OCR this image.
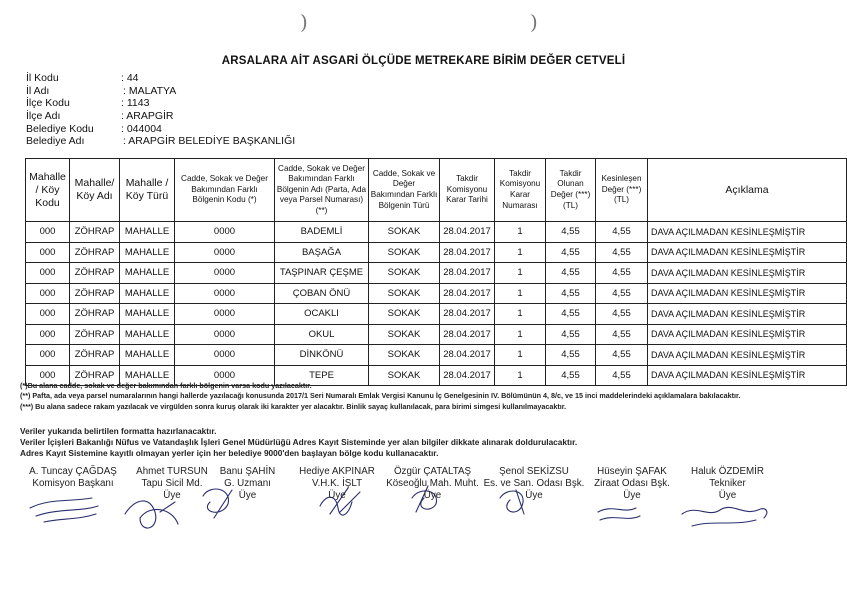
)	)
ARSALARA AİT ASGARİ ÖLÇÜDE METREKARE BİRİM DEĞER CETVELİ
İl Kodu	: 44
İl Adı	: MALATYA
İlçe Kodu	: 1143
İlçe Adı	: ARAPGİR
Belediye Kodu	: 044004
Belediye Adı	: ARAPGİR BELEDİYE BAŞKANLIĞI
Mahalle / Köy Kodu	Mahalle/ Köy Adı	Mahalle / Köy Türü	Cadde, Sokak ve Değer Bakımından Farklı Bölgenin Kodu (*)	Cadde, Sokak ve Değer Bakımından Farklı Bölgenin Adı (Parta, Ada veya Parsel Numarası)(**)	Cadde, Sokak ve Değer Bakımından Farklı Bölgenin Türü	Takdir Komisyonu Karar Tarihi	Takdir Komisyonu Karar Numarası	Takdir Olunan Değer (***) (TL)	Kesinleşen Değer (***) (TL)	Açıklama
000	ZÖHRAP	MAHALLE	0000	BADEMLİ	SOKAK	28.04.2017	1	4,55	4,55	DAVA AÇILMADAN KESİNLEŞMİŞTİR
000	ZÖHRAP	MAHALLE	0000	BAŞAĞA	SOKAK	28.04.2017	1	4,55	4,55	DAVA AÇILMADAN KESİNLEŞMİŞTİR
000	ZÖHRAP	MAHALLE	0000	TAŞPINAR ÇEŞME	SOKAK	28.04.2017	1	4,55	4,55	DAVA AÇILMADAN KESİNLEŞMİŞTİR
000	ZÖHRAP	MAHALLE	0000	ÇOBAN ÖNÜ	SOKAK	28.04.2017	1	4,55	4,55	DAVA AÇILMADAN KESİNLEŞMİŞTİR
000	ZÖHRAP	MAHALLE	0000	OCAKLI	SOKAK	28.04.2017	1	4,55	4,55	DAVA AÇILMADAN KESİNLEŞMİŞTİR
000	ZÖHRAP	MAHALLE	0000	OKUL	SOKAK	28.04.2017	1	4,55	4,55	DAVA AÇILMADAN KESİNLEŞMİŞTİR
000	ZÖHRAP	MAHALLE	0000	DİNKÖNÜ	SOKAK	28.04.2017	1	4,55	4,55	DAVA AÇILMADAN KESİNLEŞMİŞTİR
000	ZÖHRAP	MAHALLE	0000	TEPE	SOKAK	28.04.2017	1	4,55	4,55	DAVA AÇILMADAN KESİNLEŞMİŞTİR
(*)Bu alana cadde, sokak ve değer bakımından farklı bölgenin varsa kodu yazılacaktır.
(**) Pafta, ada veya parsel numaralarının hangi hallerde yazılacağı konusunda 2017/1 Seri Numaralı Emlak Vergisi Kanunu İç Genelgesinin IV. Bölümünün 4, 8/c, ve 15 inci maddelerindeki açıklamalara bakılacaktır.
(***) Bu alana sadece rakam yazılacak ve virgülden sonra kuruş olarak iki karakter yer alacaktır. Binlik sayaç kullanılacak, para birimi simgesi kullanılmayacaktır.
Veriler yukarıda belirtilen formatta hazırlanacaktır.
Veriler İçişleri Bakanlığı Nüfus ve Vatandaşlık İşleri Genel Müdürlüğü Adres Kayıt Sisteminde yer alan bilgiler dikkate alınarak doldurulacaktır.
Adres Kayıt Sistemine kayıtlı olmayan yerler için her belediye 9000'den başlayan bölge kodu kullanacaktır.
A. Tuncay ÇAĞDAŞ
Komisyon Başkanı
Ahmet TURSUN
Tapu Sicil Md.
Üye
Banu ŞAHİN
G. Uzmanı
Üye
Hediye AKPINAR
V.H.K. İŞLT
Üye
Özgür ÇATALTAŞ
Köseoğlu Mah. Muht.
Üye
Şenol SEKİZSU
Es. ve San. Odası Bşk.
Üye
Hüseyin ŞAFAK
Ziraat Odası Bşk.
Üye
Haluk ÖZDEMİR
Tekniker
Üye
